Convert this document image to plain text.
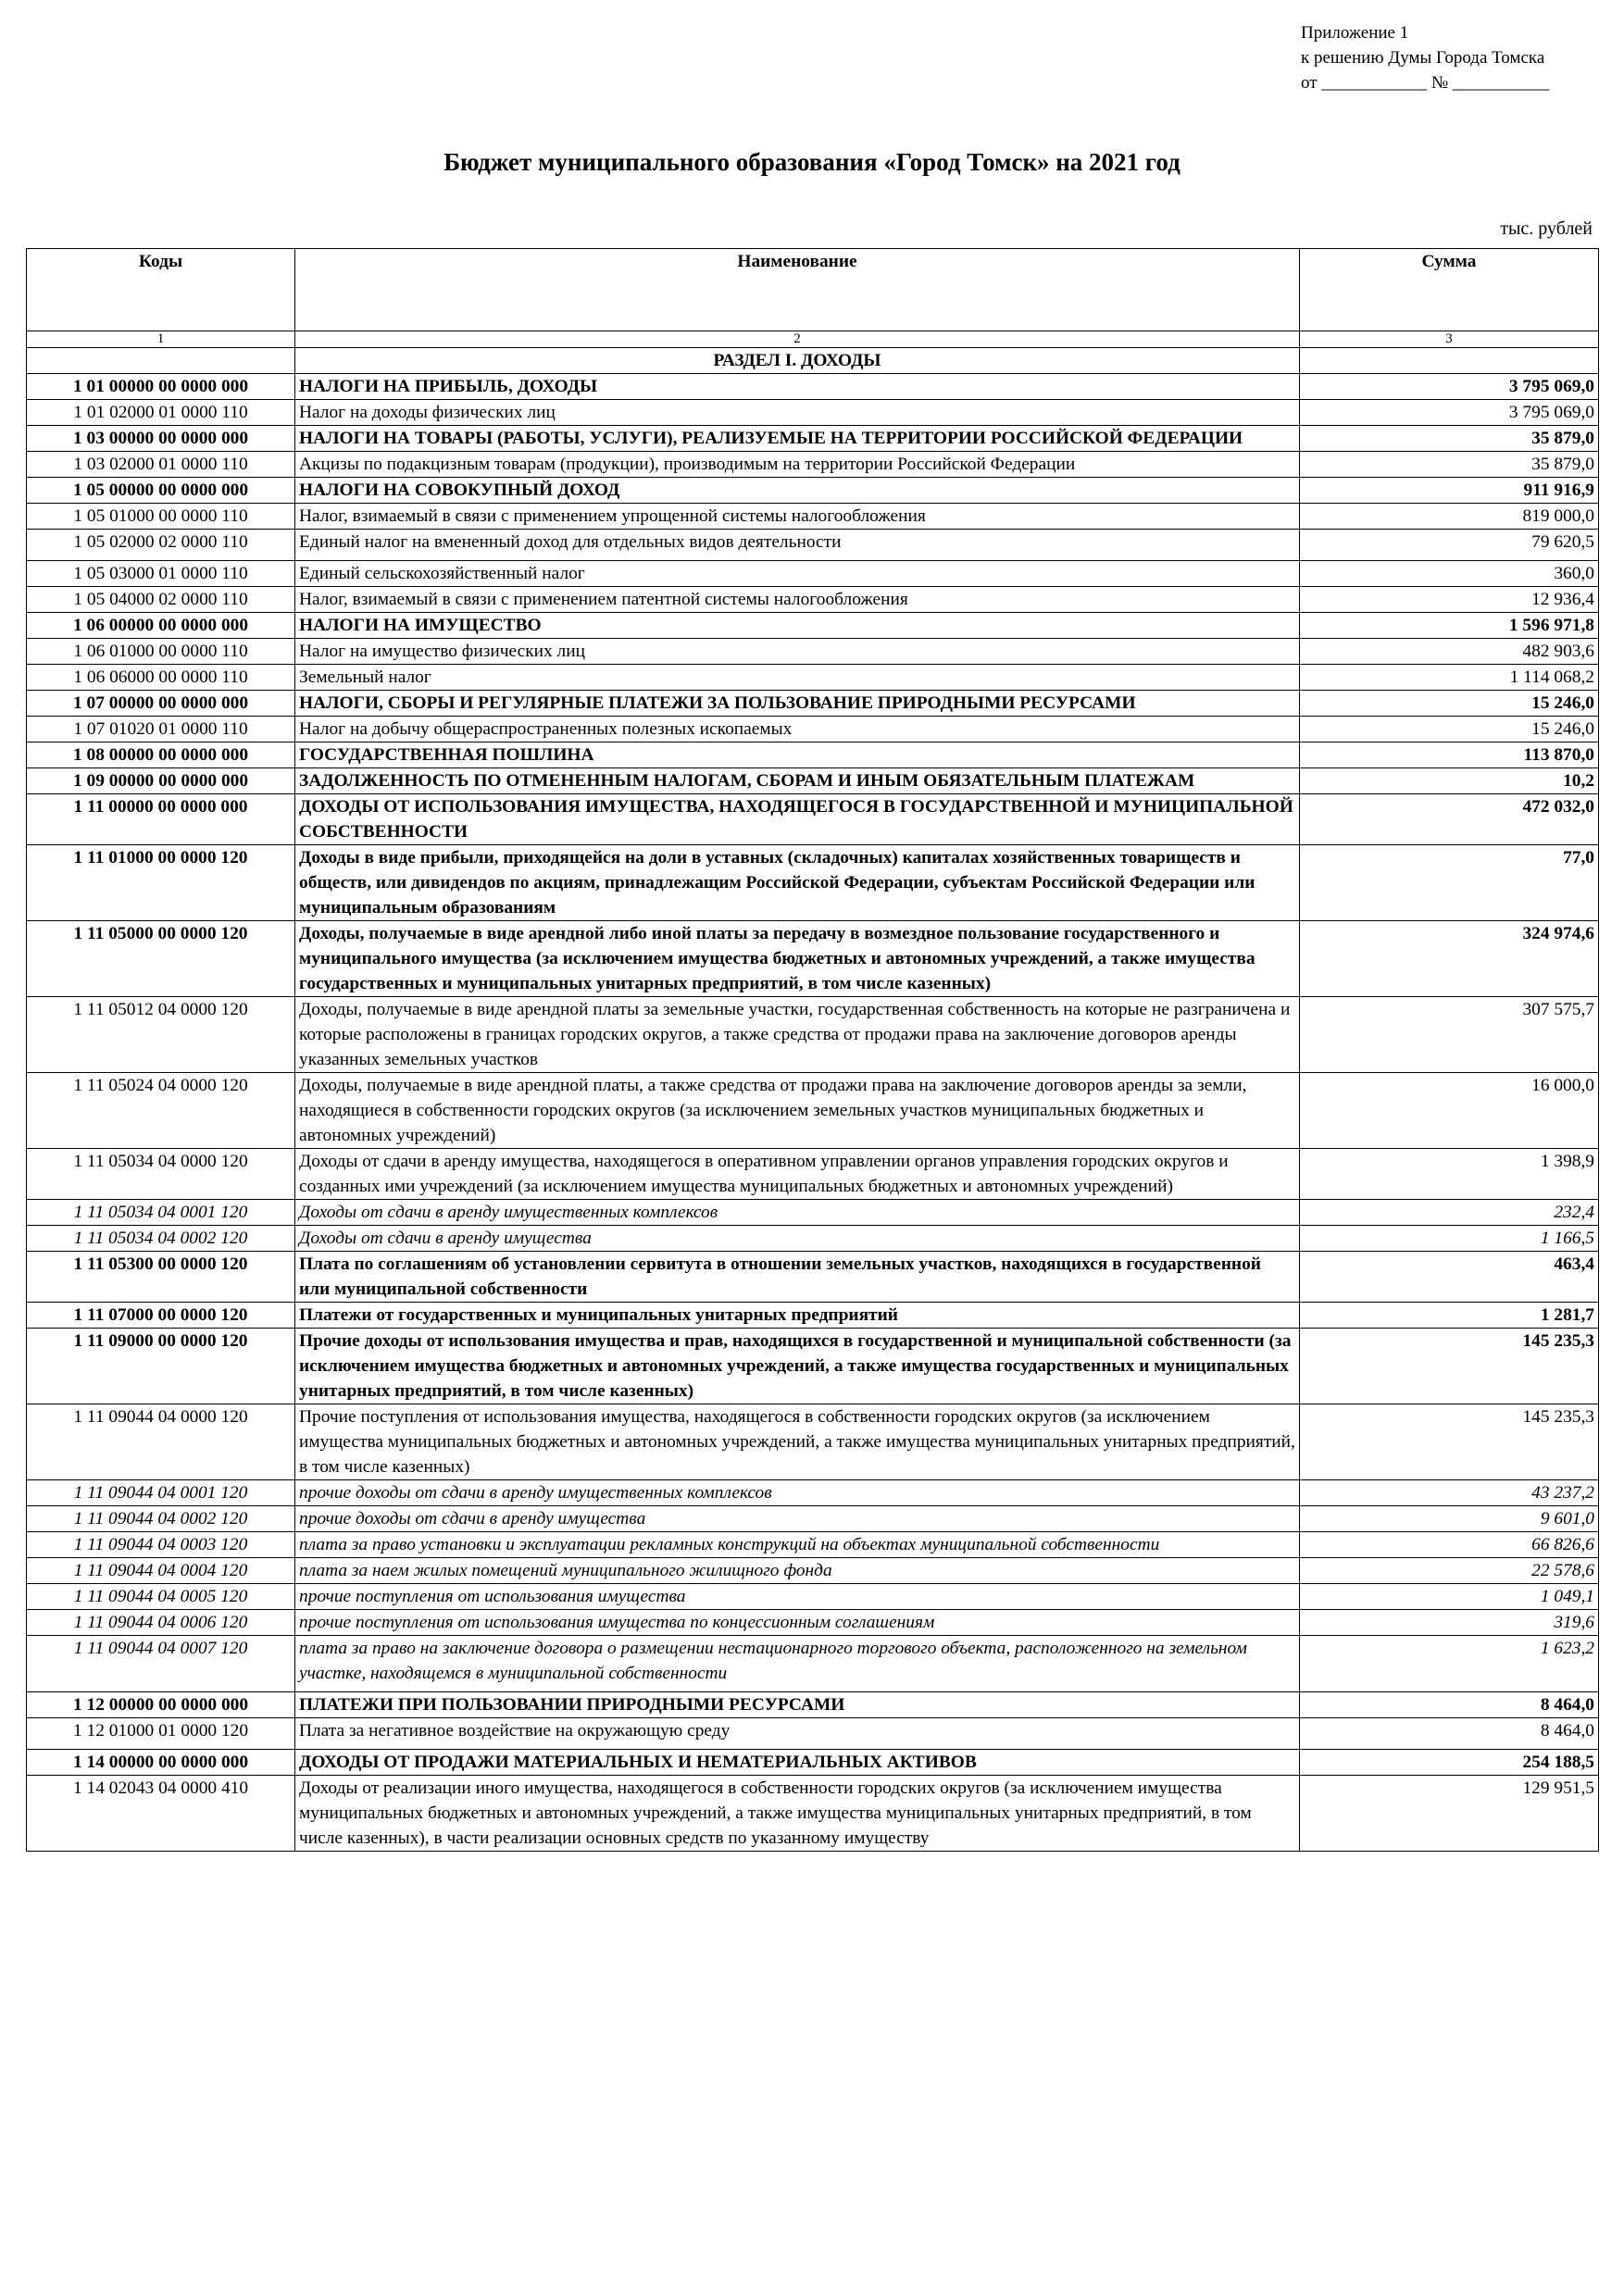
Приложение 1
к решению Думы Города Томска
от ____________ № ___________
Бюджет муниципального образования «Город Томск» на 2021 год
тыс. рублей
Коды	Наименование	Сумма
1	2	3
	РАЗДЕЛ I. ДОХОДЫ	
1 01 00000 00 0000 000	НАЛОГИ НА ПРИБЫЛЬ, ДОХОДЫ	3 795 069,0
1 01 02000 01 0000 110	Налог на доходы физических лиц	3 795 069,0
1 03 00000 00 0000 000	НАЛОГИ НА ТОВАРЫ (РАБОТЫ, УСЛУГИ), РЕАЛИЗУЕМЫЕ НА ТЕРРИТОРИИ РОССИЙСКОЙ ФЕДЕРАЦИИ	35 879,0
1 03 02000 01 0000 110	Акцизы по подакцизным товарам (продукции), производимым на территории Российской Федерации	35 879,0
1 05 00000 00 0000 000	НАЛОГИ НА СОВОКУПНЫЙ ДОХОД	911 916,9
1 05 01000 00 0000 110	Налог, взимаемый в связи с применением упрощенной системы налогообложения	819 000,0
1 05 02000 02 0000 110	Единый налог на вмененный доход для отдельных видов деятельности	79 620,5
1 05 03000 01 0000 110	Единый сельскохозяйственный налог	360,0
1 05 04000 02 0000 110	Налог, взимаемый в связи с применением патентной системы налогообложения	12 936,4
1 06 00000 00 0000 000	НАЛОГИ НА ИМУЩЕСТВО	1 596 971,8
1 06 01000 00 0000 110	Налог на имущество физических лиц	482 903,6
1 06 06000 00 0000 110	Земельный налог	1 114 068,2
1 07 00000 00 0000 000	НАЛОГИ, СБОРЫ И РЕГУЛЯРНЫЕ ПЛАТЕЖИ ЗА ПОЛЬЗОВАНИЕ ПРИРОДНЫМИ РЕСУРСАМИ	15 246,0
1 07 01020 01 0000 110	Налог на добычу общераспространенных полезных ископаемых	15 246,0
1 08 00000 00 0000 000	ГОСУДАРСТВЕННАЯ ПОШЛИНА	113 870,0
1 09 00000 00 0000 000	ЗАДОЛЖЕННОСТЬ ПО ОТМЕНЕННЫМ НАЛОГАМ, СБОРАМ И ИНЫМ ОБЯЗАТЕЛЬНЫМ ПЛАТЕЖАМ	10,2
1 11 00000 00 0000 000	ДОХОДЫ ОТ ИСПОЛЬЗОВАНИЯ ИМУЩЕСТВА, НАХОДЯЩЕГОСЯ В ГОСУДАРСТВЕННОЙ И МУНИЦИПАЛЬНОЙ СОБСТВЕННОСТИ	472 032,0
1 11 01000 00 0000 120	Доходы в виде прибыли, приходящейся на доли в уставных (складочных) капиталах хозяйственных товариществ и обществ, или дивидендов по акциям, принадлежащим Российской Федерации, субъектам Российской Федерации или муниципальным образованиям	77,0
1 11 05000 00 0000 120	Доходы, получаемые в виде арендной либо иной платы за передачу в возмездное пользование государственного и муниципального имущества (за исключением имущества бюджетных и автономных учреждений, а также имущества государственных и муниципальных унитарных предприятий, в том числе казенных)	324 974,6
1 11 05012 04 0000 120	Доходы, получаемые в виде арендной платы за земельные участки, государственная собственность на которые не разграничена и которые расположены в границах городских округов, а также средства от продажи права на заключение договоров аренды указанных земельных участков	307 575,7
1 11 05024 04 0000 120	Доходы, получаемые в виде арендной платы, а также средства от продажи права на заключение договоров аренды за земли, находящиеся в собственности городских округов (за исключением земельных участков муниципальных бюджетных и автономных учреждений)	16 000,0
1 11 05034 04 0000 120	Доходы от сдачи в аренду имущества, находящегося в оперативном управлении органов управления городских округов и созданных ими учреждений (за исключением имущества муниципальных бюджетных и автономных учреждений)	1 398,9
1 11 05034 04 0001 120	Доходы от сдачи в аренду имущественных комплексов	232,4
1 11 05034 04 0002 120	Доходы от сдачи в аренду имущества	1 166,5
1 11 05300 00 0000 120	Плата по соглашениям об установлении сервитута в отношении земельных участков, находящихся в государственной или муниципальной собственности	463,4
1 11 07000 00 0000 120	Платежи от государственных и муниципальных унитарных предприятий	1 281,7
1 11 09000 00 0000 120	Прочие доходы от использования имущества и прав, находящихся в государственной и муниципальной собственности (за исключением имущества бюджетных и автономных учреждений, а также имущества государственных и муниципальных унитарных предприятий, в том числе казенных)	145 235,3
1 11 09044 04 0000 120	Прочие поступления от использования имущества, находящегося в собственности городских округов (за исключением имущества муниципальных бюджетных и автономных учреждений, а также имущества муниципальных унитарных предприятий, в том числе казенных)	145 235,3
1 11 09044 04 0001 120	прочие доходы от сдачи в аренду имущественных комплексов	43 237,2
1 11 09044 04 0002 120	прочие доходы от сдачи в аренду имущества	9 601,0
1 11 09044 04 0003 120	плата за право установки и эксплуатации рекламных конструкций на объектах муниципальной собственности	66 826,6
1 11 09044 04 0004 120	плата за наем жилых помещений муниципального жилищного фонда	22 578,6
1 11 09044 04 0005 120	прочие поступления от использования имущества	1 049,1
1 11 09044 04 0006 120	прочие поступления от использования имущества по концессионным соглашениям	319,6
1 11 09044 04 0007 120	плата за право на заключение договора о размещении нестационарного торгового объекта, расположенного на земельном участке, находящемся в муниципальной собственности	1 623,2
1 12 00000 00 0000 000	ПЛАТЕЖИ ПРИ ПОЛЬЗОВАНИИ ПРИРОДНЫМИ РЕСУРСАМИ	8 464,0
1 12 01000 01 0000 120	Плата за негативное воздействие на окружающую среду	8 464,0
1 14 00000 00 0000 000	ДОХОДЫ ОТ ПРОДАЖИ МАТЕРИАЛЬНЫХ И НЕМАТЕРИАЛЬНЫХ АКТИВОВ	254 188,5
1 14 02043 04 0000 410	Доходы от реализации иного имущества, находящегося в собственности городских округов (за исключением имущества муниципальных бюджетных и автономных учреждений, а также имущества муниципальных унитарных предприятий, в том числе казенных), в части реализации основных средств по указанному имуществу	129 951,5
